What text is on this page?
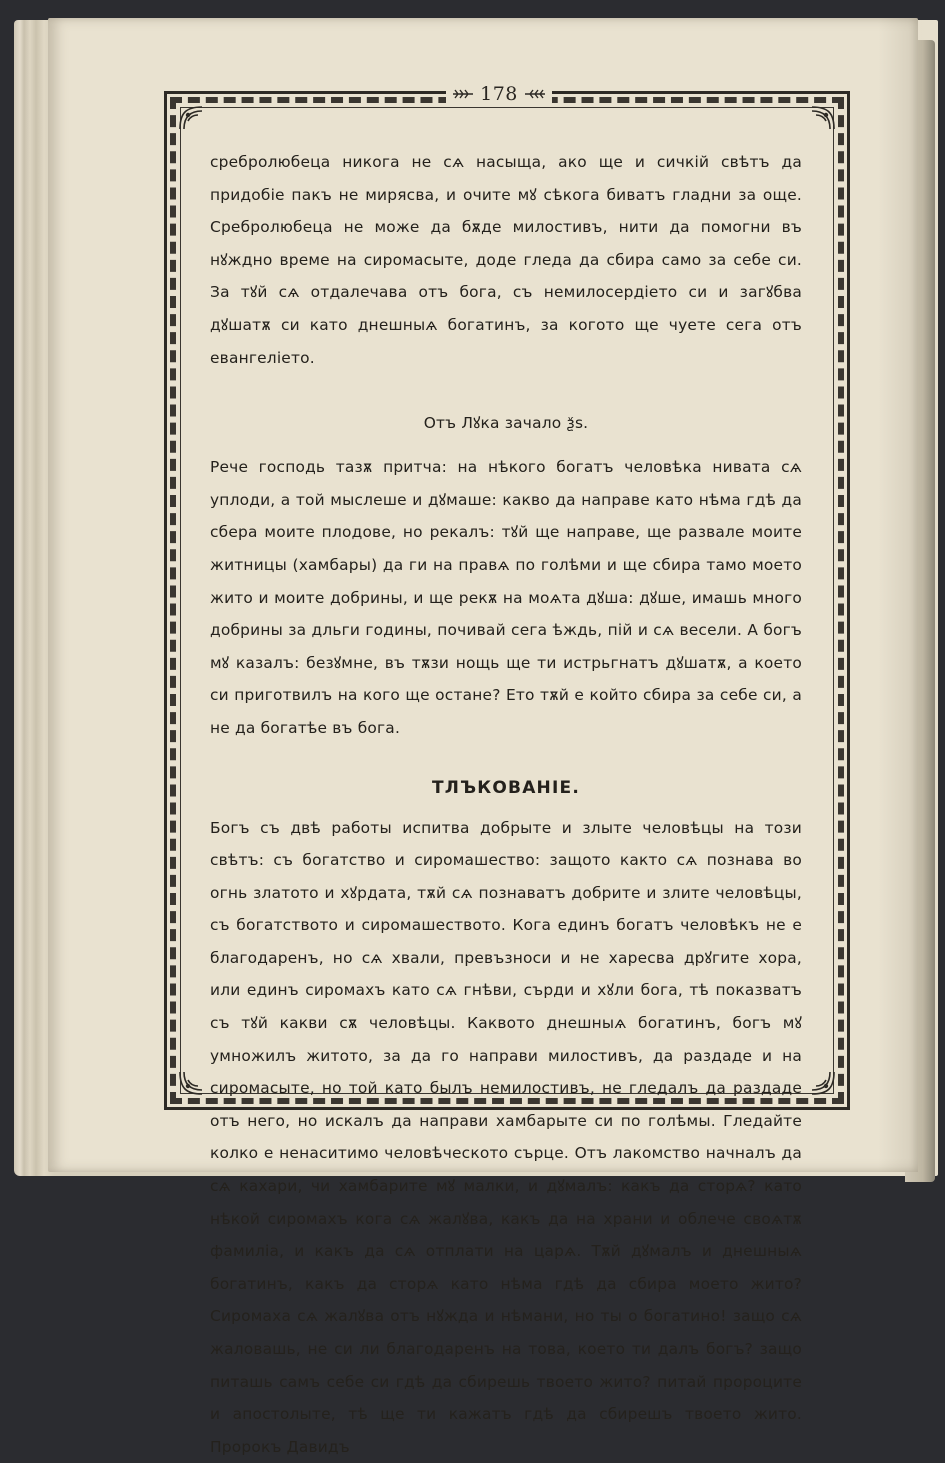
178

сребролюбеца никога не сѧ насыща, ако ще и сичкій свѣтъ да придобіе пакъ не мирясва, и очите мꙋ сѣкога биватъ гладни за още. Сребролюбеца не може да бѫде милостивъ, нити да помогни въ нꙋждно време на сиромасыте, доде гледа да сбира само за себе си. За тꙋй сѧ отдалечава отъ бога, съ немилосердіето си и загꙋбва дꙋшатѫ си като днешныѧ богатинъ, за когото ще чуете сега отъ евангеліето.

Отъ Лꙋка зачало ѯѕ.

Рече господь тазѫ притча: на нѣкого богатъ человѣка нивата сѧ уплоди, а той мыслеше и дꙋмаше: какво да направе като нѣма гдѣ да сбера моите плодове, но рекалъ: тꙋй ще направе, ще развале моите житницы (хамбары) да ги на правѧ по голѣми и ще сбира тамо моето жито и моите добрины, и ще рекѫ на моѧта дꙋша: дꙋше, имашь много добрины за дльги годины, почивай сега ѣждь, пій и сѧ весели. А богъ мꙋ казалъ: безꙋмне, въ тѫзи нощь ще ти истрьгнатъ дꙋшатѫ, а което си приготвилъ на кого ще остане? Ето тѫй е който сбира за себе си, а не да богатѣе въ бога.

ТЛЪКОВАНІЕ.

Богъ съ двѣ работы испитва добрыте и злыте человѣцы на този свѣтъ: съ богатство и сиромашество: защото както сѧ познава во огнь златото и хꙋрдата, тѫй сѧ познаватъ добрите и злите человѣцы, съ богатството и сиромашеството. Кога единъ богатъ человѣкъ не е благодаренъ, но сѧ хвали, превъзноси и не харесва дрꙋгите хора, или единъ сиромахъ като сѧ гнѣви, сърди и хꙋли бога, тѣ показватъ съ тꙋй какви сѫ человѣцы. Каквото днешныѧ богатинъ, богъ мꙋ умножилъ житото, за да го направи милостивъ, да раздаде и на сиромасыте, но той като былъ немилостивъ, не гледалъ да раздаде отъ него, но искалъ да направи хамбарыте си по голѣмы. Гледайте колко е ненаситимо человѣческото сърце. Отъ лакомство начналъ да сѧ кахари, чи хамбарите мꙋ малки, и дꙋмалъ: какъ да сторѧ? като нѣкой сиромахъ кога сѧ жалꙋва, какъ да на храни и облече своѧтѫ фамиліа, и какъ да сѧ отплати на царѧ. Тѫй дꙋмалъ и днешныѧ богатинъ, какъ да сторѧ като нѣма гдѣ да сбира моето жито? Сиромаха сѧ жалꙋва отъ нꙋжда и нѣмани, но ты о богатино! защо сѧ жаловашь, не си ли благодаренъ на това, което ти далъ богъ? защо питашь самъ себе си гдѣ да сбирешь твоето жито? питай пророците и апостолыте, тѣ ще ти кажатъ гдѣ да сбирешъ твоето жито. Пророкъ Давидъ
